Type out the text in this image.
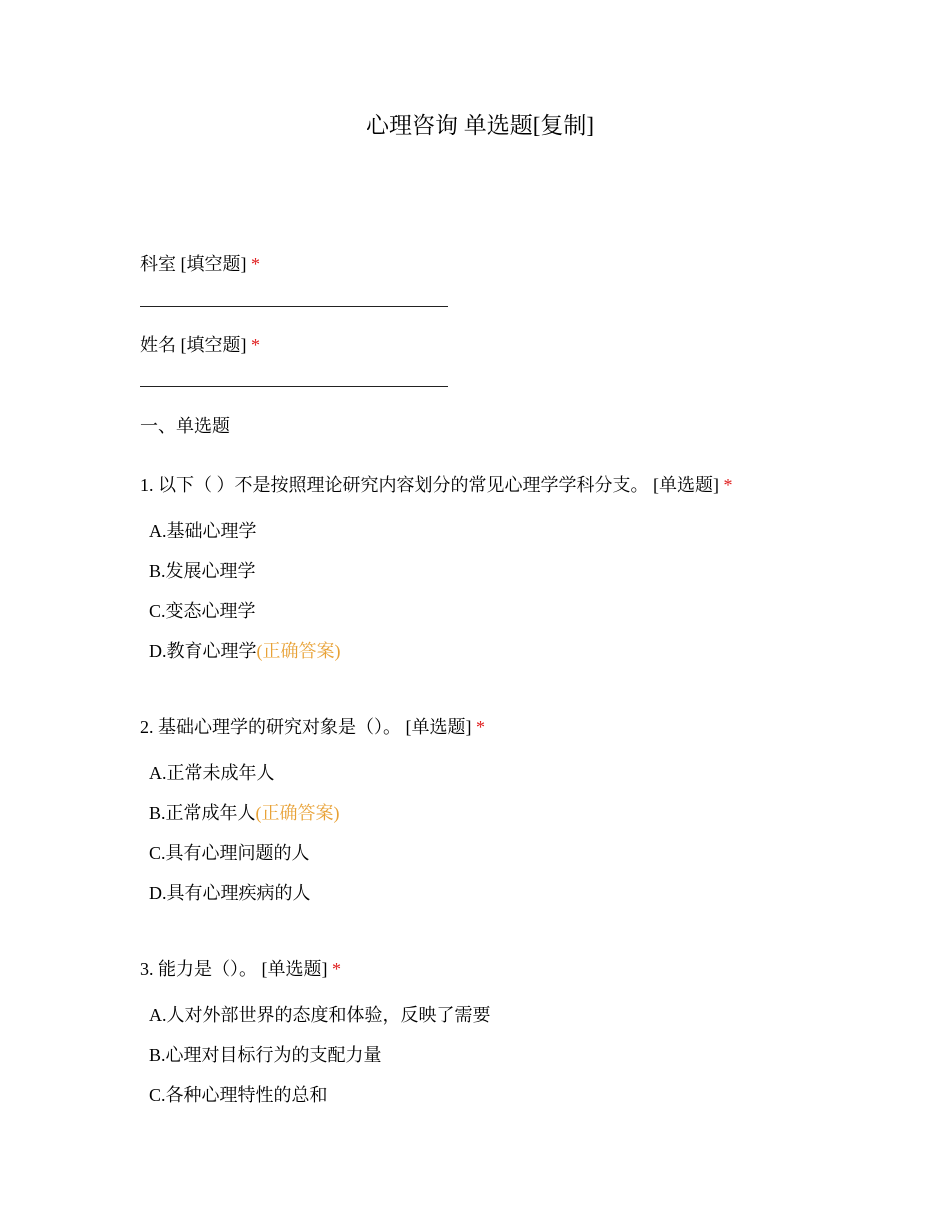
心理咨询 单选题[复制]
科室 [填空题] *
姓名 [填空题] *
一、单选题
1. 以下（ ）不是按照理论研究内容划分的常见心理学学科分支。 [单选题] *
A.基础心理学
B.发展心理学
C.变态心理学
D.教育心理学(正确答案)
2. 基础心理学的研究对象是（）。 [单选题] *
A.正常未成年人
B.正常成年人(正确答案)
C.具有心理问题的人
D.具有心理疾病的人
3. 能力是（）。 [单选题] *
A.人对外部世界的态度和体验，反映了需要
B.心理对目标行为的支配力量
C.各种心理特性的总和
